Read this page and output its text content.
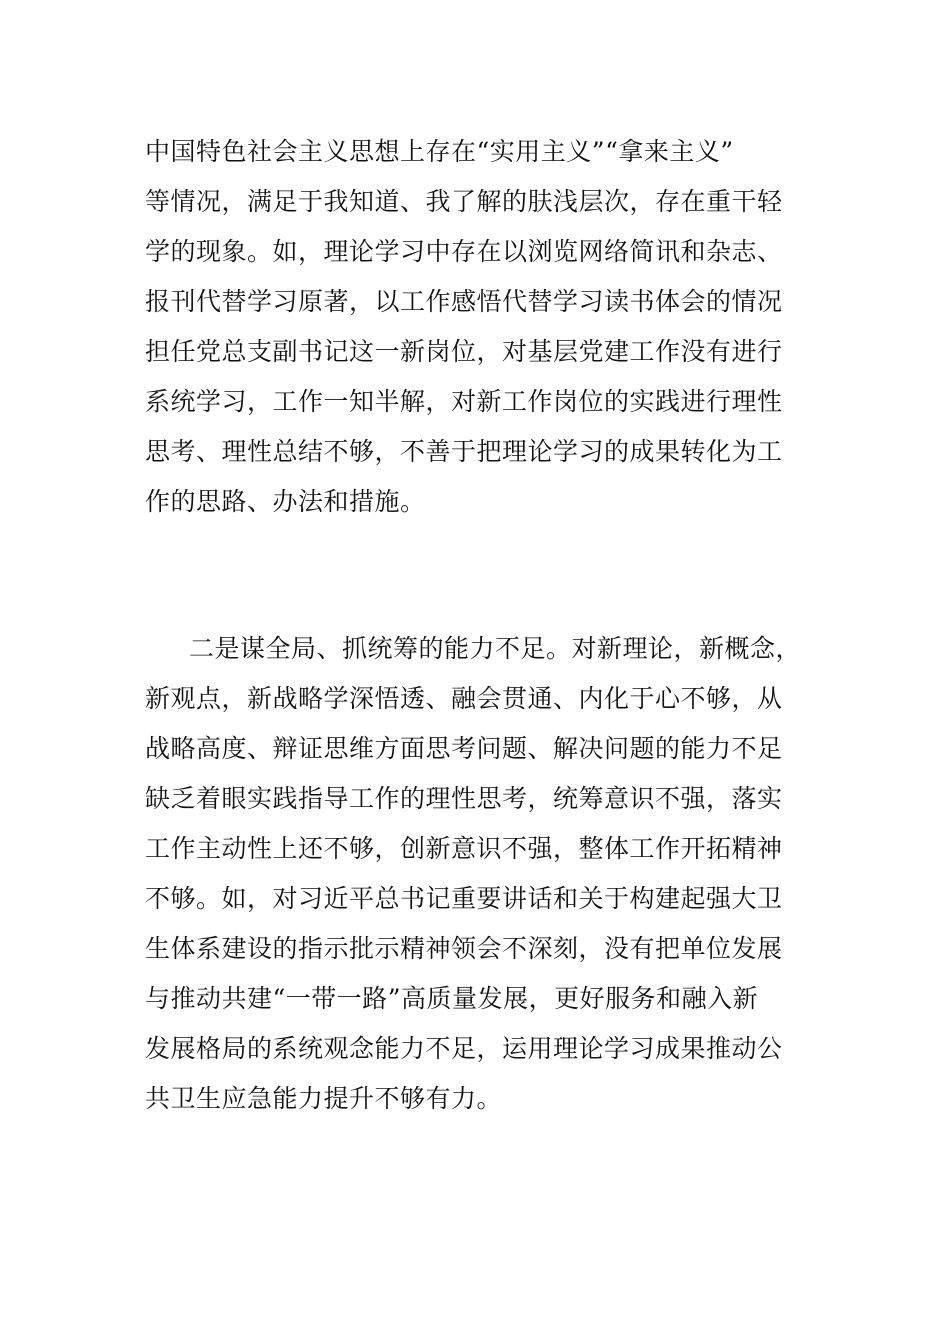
中国特色社会主义思想上存在“实用主义”“拿来主义”
等情况，满足于我知道、我了解的肤浅层次，存在重干轻
学的现象。如，理论学习中存在以浏览网络简讯和杂志、
报刊代替学习原著，以工作感悟代替学习读书体会的情况
担任党总支副书记这一新岗位，对基层党建工作没有进行
系统学习，工作一知半解，对新工作岗位的实践进行理性
思考、理性总结不够，不善于把理论学习的成果转化为工
作的思路、办法和措施。
二是谋全局、抓统筹的能力不足。对新理论，新概念，
新观点，新战略学深悟透、融会贯通、内化于心不够，从
战略高度、辩证思维方面思考问题、解决问题的能力不足
缺乏着眼实践指导工作的理性思考，统筹意识不强，落实
工作主动性上还不够，创新意识不强，整体工作开拓精神
不够。如，对习近平总书记重要讲话和关于构建起强大卫
生体系建设的指示批示精神领会不深刻，没有把单位发展
与推动共建“一带一路”高质量发展，更好服务和融入新
发展格局的系统观念能力不足，运用理论学习成果推动公
共卫生应急能力提升不够有力。
